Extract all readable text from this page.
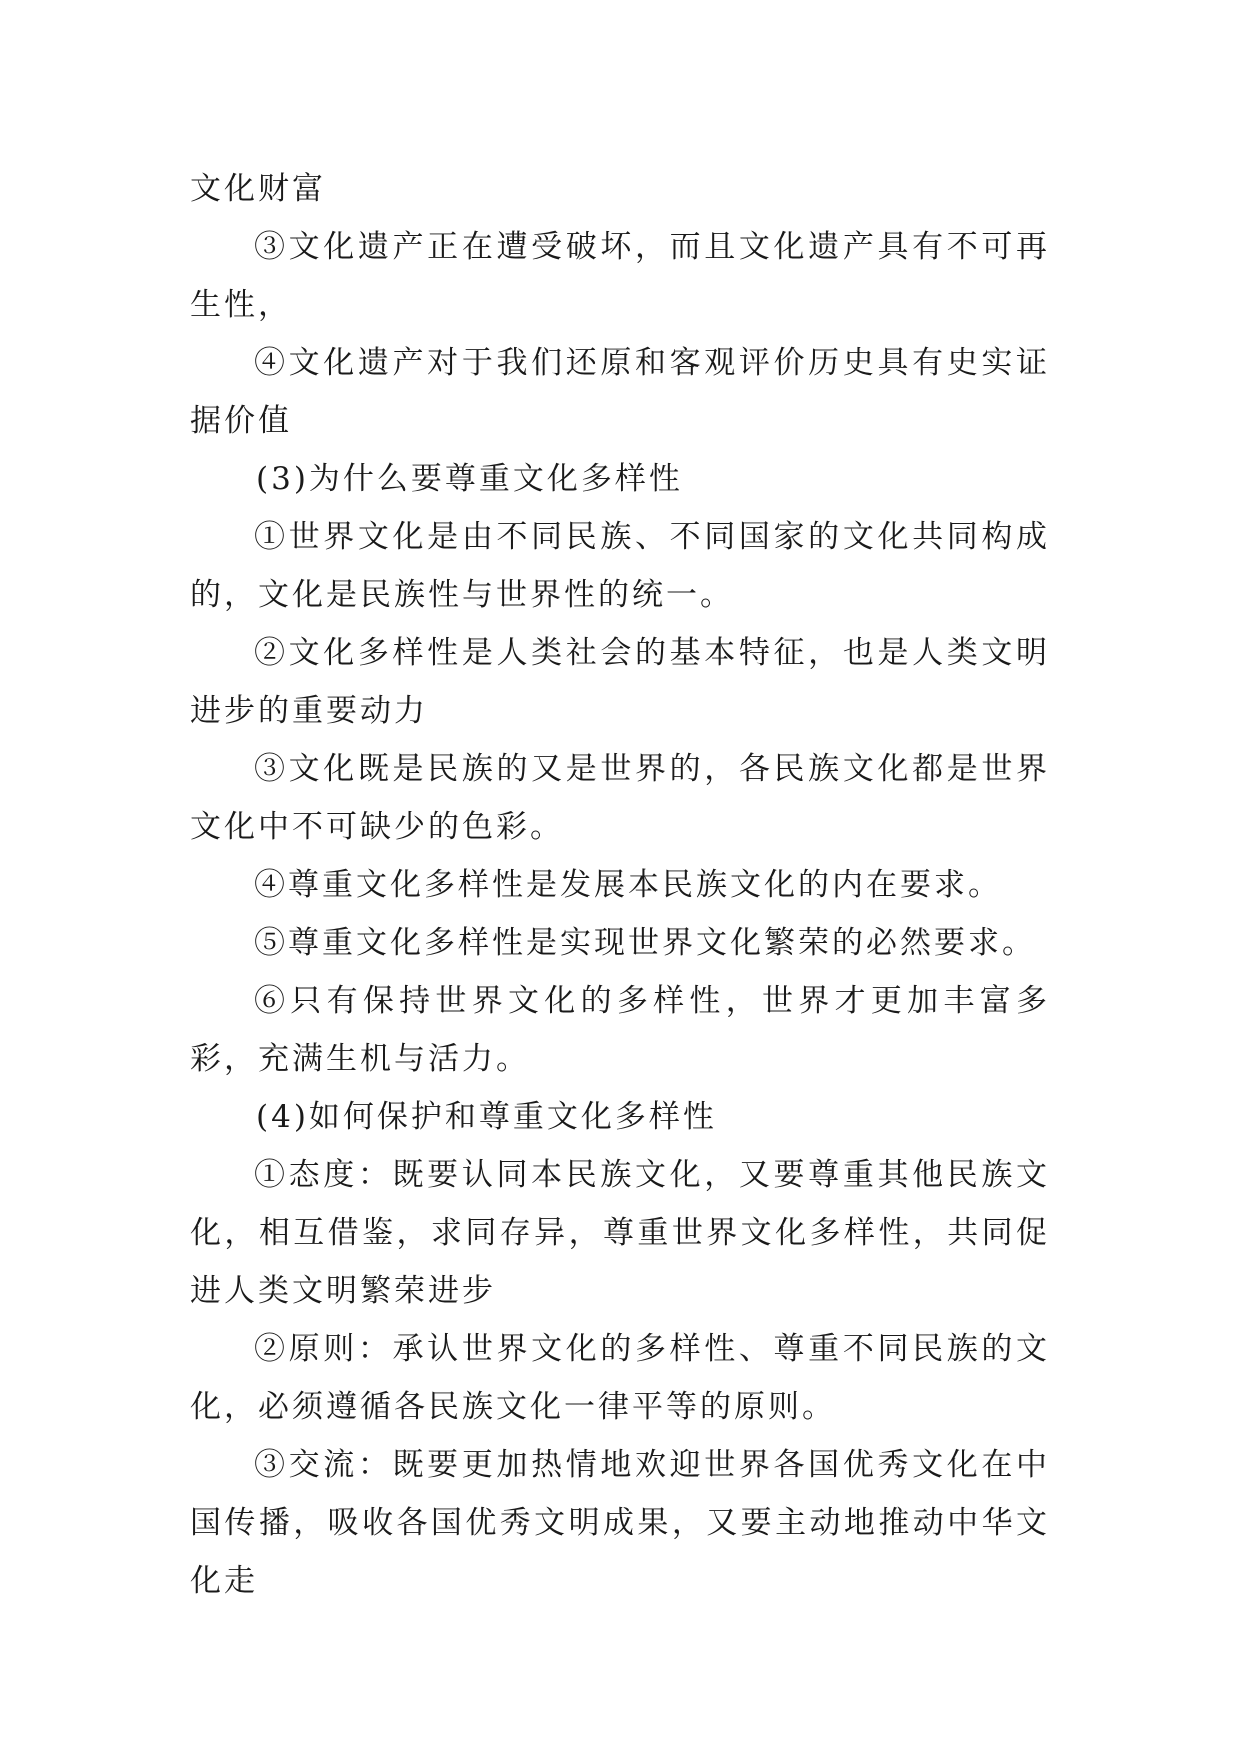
文化财富

③文化遗产正在遭受破坏，而且文化遗产具有不可再生性，

④文化遗产对于我们还原和客观评价历史具有史实证据价值

(3)为什么要尊重文化多样性

①世界文化是由不同民族、不同国家的文化共同构成的，文化是民族性与世界性的统一。

②文化多样性是人类社会的基本特征，也是人类文明进步的重要动力

③文化既是民族的又是世界的，各民族文化都是世界文化中不可缺少的色彩。

④尊重文化多样性是发展本民族文化的内在要求。

⑤尊重文化多样性是实现世界文化繁荣的必然要求。

⑥只有保持世界文化的多样性，世界才更加丰富多彩，充满生机与活力。

(4)如何保护和尊重文化多样性

①态度：既要认同本民族文化，又要尊重其他民族文化，相互借鉴，求同存异，尊重世界文化多样性，共同促进人类文明繁荣进步

②原则：承认世界文化的多样性、尊重不同民族的文化，必须遵循各民族文化一律平等的原则。

③交流：既要更加热情地欢迎世界各国优秀文化在中国传播，吸收各国优秀文明成果，又要主动地推动中华文化走
